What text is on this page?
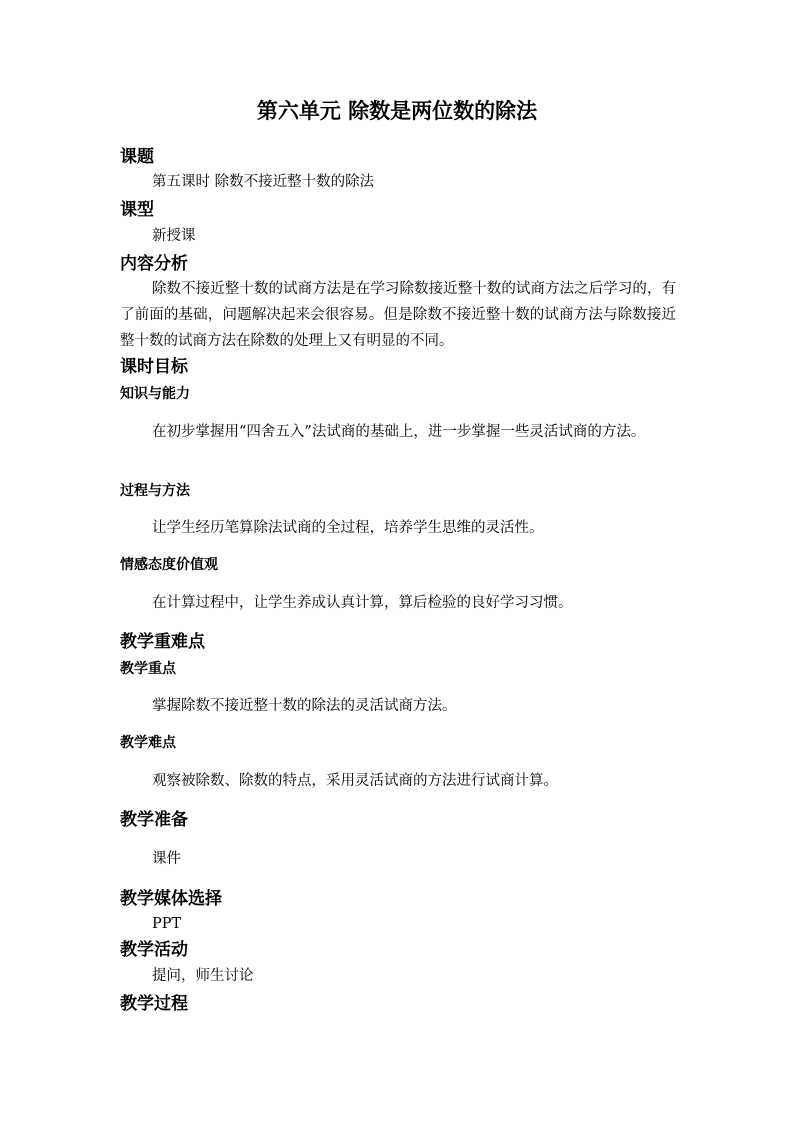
第六单元 除数是两位数的除法
课题

第五课时 除数不接近整十数的除法

课型

新授课

内容分析

除数不接近整十数的试商方法是在学习除数接近整十数的试商方法之后学习的，有了前面的基础，问题解决起来会很容易。但是除数不接近整十数的试商方法与除数接近整十数的试商方法在除数的处理上又有明显的不同。

课时目标
知识与能力

在初步掌握用“四舍五入”法试商的基础上，进一步掌握一些灵活试商的方法。

过程与方法

让学生经历笔算除法试商的全过程，培养学生思维的灵活性。

情感态度价值观

在计算过程中，让学生养成认真计算，算后检验的良好学习习惯。

教学重难点
教学重点

掌握除数不接近整十数的除法的灵活试商方法。

教学难点

观察被除数、除数的特点，采用灵活试商的方法进行试商计算。

教学准备

课件

教学媒体选择

PPT

教学活动

提问，师生讨论

教学过程
